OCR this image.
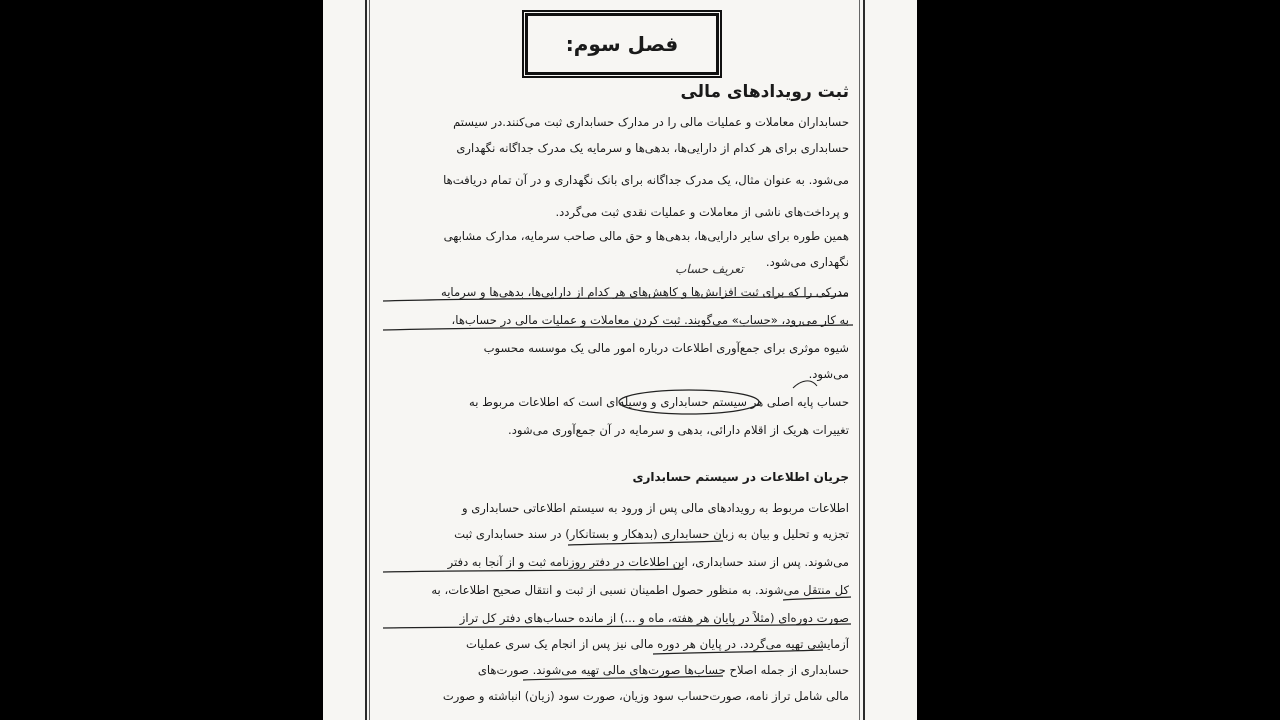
فصل سوم:
ثبت رویدادهای مالی
حسابداران معاملات و عملیات مالی را در مدارک حسابداری ثبت می‌کنند.در سیستم
حسابداری برای هر کدام از دارایی‌ها، بدهی‌ها و سرمایه یک مدرک جداگانه نگهداری
می‌شود. به عنوان مثال، یک مدرک جداگانه برای بانک نگهداری و در آن تمام دریافت‌ها
و پرداخت‌های ناشی از معاملات و عملیات نقدی ثبت می‌گردد.
همین طوره برای سایر دارایی‌ها، بدهی‌ها و حق مالی صاحب سرمایه، مدارک مشابهی
نگهداری می‌شود.
تعریف حساب
مدرکی را که برای ثبت افزایش‌ها و کاهش‌های هر کدام از دارایی‌ها، بدهی‌ها و سرمایه
به کار می‌رود، «حساب» می‌گویند. ثبت کردن معاملات و عملیات مالی در حساب‌ها،
شیوه موثری برای جمع‌آوری اطلاعات درباره امور مالی یک موسسه محسوب
می‌شود.
حساب پایه اصلی هر سیستم حسابداری و وسیله‌ای است که اطلاعات مربوط به
تغییرات هریک از اقلام دارائی، بدهی و سرمایه در آن جمع‌آوری می‌شود.
جریان اطلاعات در سیستم حسابداری
اطلاعات مربوط به رویدادهای مالی پس از ورود به سیستم اطلاعاتی حسابداری و
تجزیه و تحلیل و بیان به زبان حسابداری (بدهکار و بستانکار) در سند حسابداری ثبت
می‌شوند. پس از سند حسابداری، این اطلاعات در دفتر روزنامه ثبت و از آنجا به دفتر
کل منتقل می‌شوند. به منظور حصول اطمینان نسبی از ثبت و انتقال صحیح اطلاعات، به
صورت دوره‌ای (مثلاً در پایان هر هفته، ماه و ...) از مانده حساب‌های دفتر کل تراز
آزمایشی تهیه می‌گردد. در پایان هر دوره مالی نیز پس از انجام یک سری عملیات
حسابداری از جمله اصلاح حساب‌ها صورت‌های مالی تهیه می‌شوند. صورت‌های
مالی شامل تراز نامه، صورت‌حساب سود وزیان، صورت سود (زیان) انباشته و صورت
